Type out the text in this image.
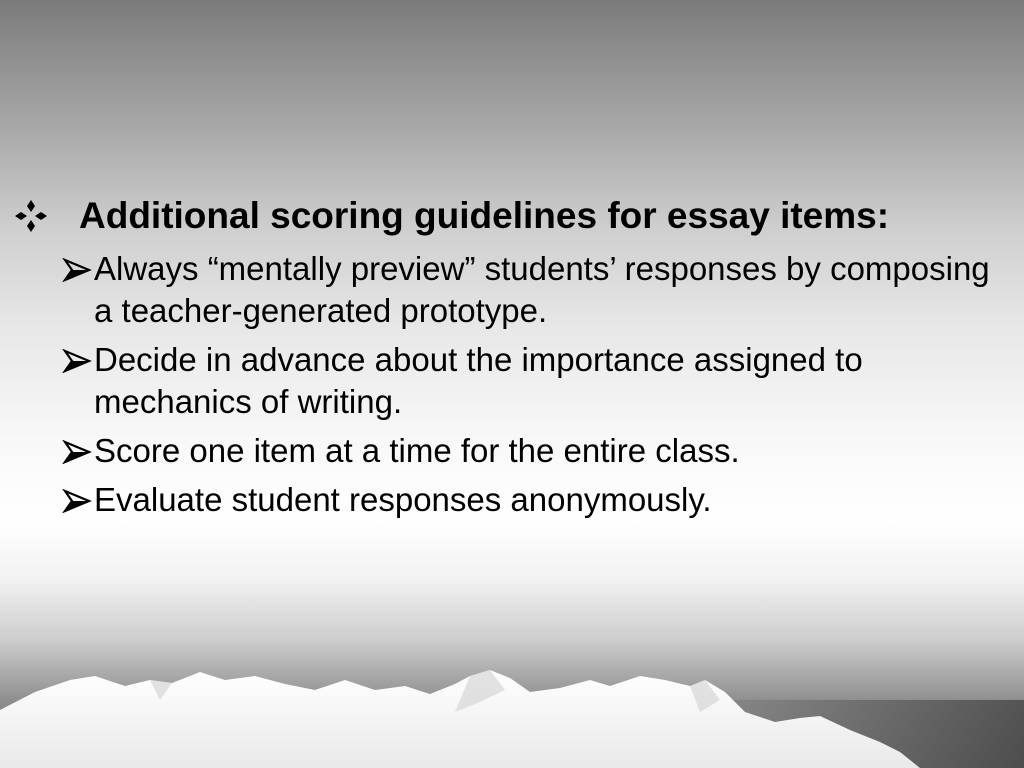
Additional scoring guidelines for essay items:
Always “mentally preview” students’ responses by composing a teacher-generated prototype.
Decide in advance about the importance assigned to mechanics of writing.
Score one item at a time for the entire class.
Evaluate student responses anonymously.
